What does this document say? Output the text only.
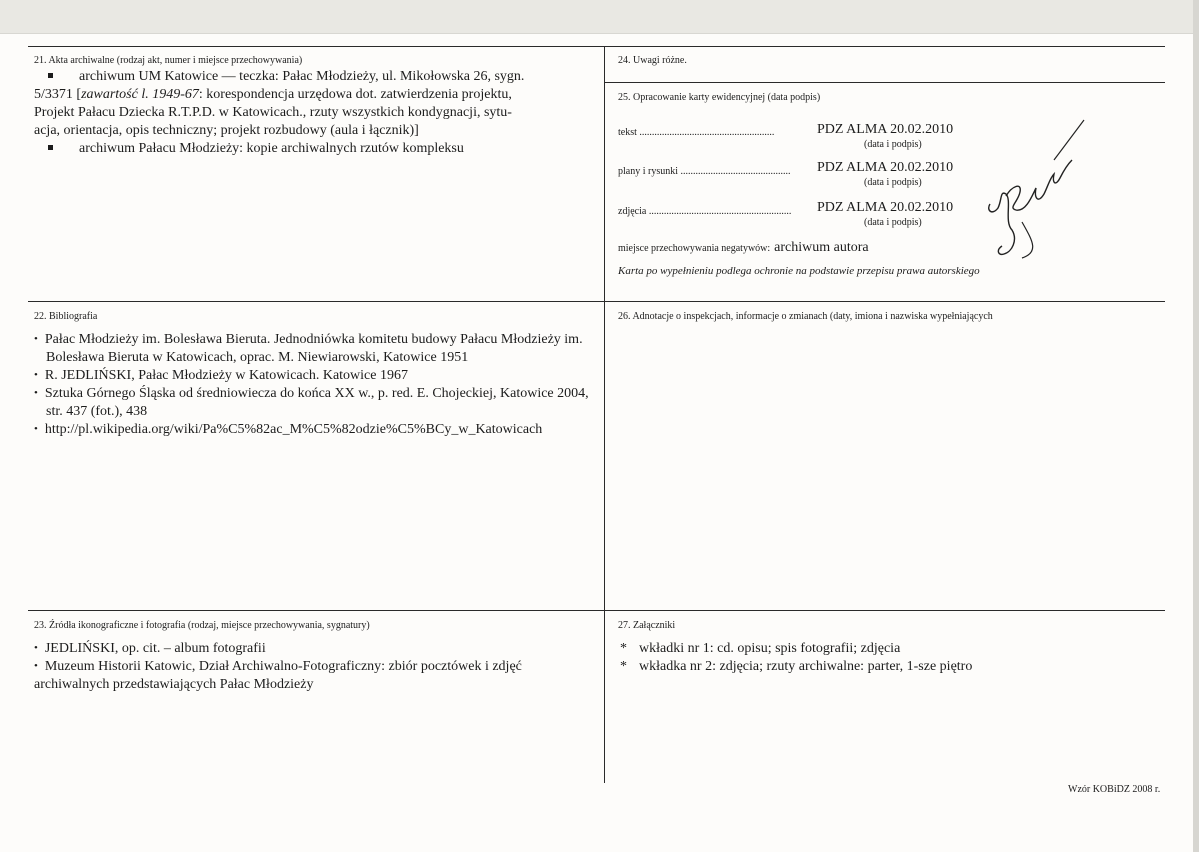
21. Akta archiwalne (rodzaj akt, numer i miejsce przechowywania)
archiwum UM Katowice — teczka: Pałac Młodzieży, ul. Mikołowska 26, sygn.
5/3371 [zawartość l. 1949-67: korespondencja urzędowa dot. zatwierdzenia projektu,
Projekt Pałacu Dziecka R.T.P.D. w Katowicach., rzuty wszystkich kondygnacji, sytu-
acja, orientacja, opis techniczny; projekt rozbudowy (aula i łącznik)]
archiwum Pałacu Młodzieży: kopie archiwalnych rzutów kompleksu
24. Uwagi różne.
25. Opracowanie karty ewidencyjnej (data podpis)
tekst ......................................................	PDZ ALMA 20.02.2010
(data i podpis)
plany i rysunki ............................................ PDZ ALMA 20.02.2010
(data i podpis)
zdjęcia ......................................................... PDZ ALMA 20.02.2010
(data i podpis)
miejsce przechowywania negatywów: archiwum autora
Karta po wypełnieniu podlega ochronie na podstawie przepisu prawa autorskiego
22. Bibliografia
• Pałac Młodzieży im. Bolesława Bieruta. Jednodniówka komitetu budowy Pałacu Młodzieży im.
Bolesława Bieruta w Katowicach, oprac. M. Niewiarowski, Katowice 1951
• R. JEDLIŃSKI, Pałac Młodzieży w Katowicach. Katowice 1967
• Sztuka Górnego Śląska od średniowiecza do końca XX w., p. red. E. Chojeckiej, Katowice 2004,
str. 437 (fot.), 438
• http://pl.wikipedia.org/wiki/Pa%C5%82ac_M%C5%82odzie%C5%BCy_w_Katowicach
26. Adnotacje o inspekcjach, informacje o zmianach (daty, imiona i nazwiska wypełniających
23. Źródła ikonograficzne i fotografia (rodzaj, miejsce przechowywania, sygnatury)
• JEDLIŃSKI, op. cit. – album fotografii
• Muzeum Historii Katowic, Dział Archiwalno-Fotograficzny: zbiór pocztówek i zdjęć
archiwalnych przedstawiających Pałac Młodzieży
27. Załączniki
* wkładki nr 1: cd. opisu; spis fotografii; zdjęcia
* wkładka nr 2: zdjęcia; rzuty archiwalne: parter, 1-sze piętro
Wzór KOBiDZ 2008 r.
